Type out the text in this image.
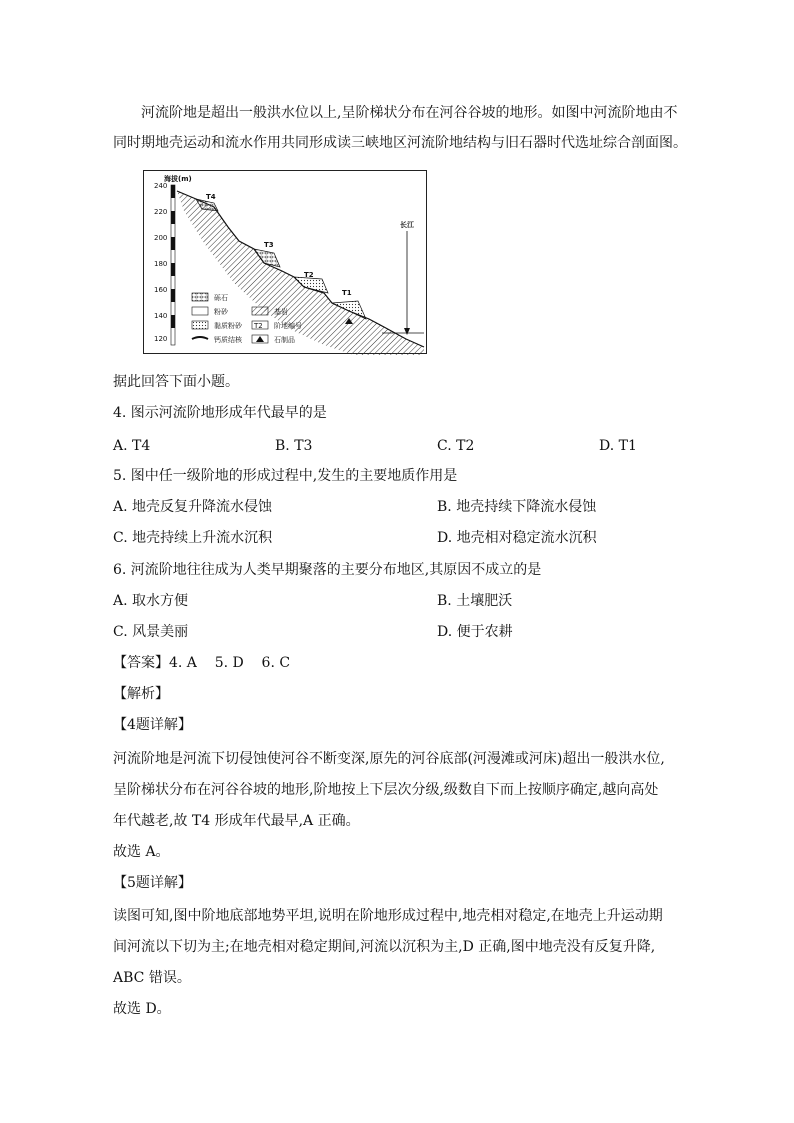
河流阶地是超出一般洪水位以上,呈阶梯状分布在河谷谷坡的地形。如图中河流阶地由不
同时期地壳运动和流水作用共同形成读三峡地区河流阶地结构与旧石器时代选址综合剖面图。
海拔(m)
240
220
200
180
160
140
120
T4
T3
T2
T1
长江
砾石
粉砂	基岩
黏质粉砂 T2 阶地编号
钙质结核	石制品
据此回答下面小题。
4. 图示河流阶地形成年代最早的是
A. T4	B. T3	C. T2	D. T1
5. 图中任一级阶地的形成过程中,发生的主要地质作用是
A. 地壳反复升降流水侵蚀	B. 地壳持续下降流水侵蚀
C. 地壳持续上升流水沉积	D. 地壳相对稳定流水沉积
6. 河流阶地往往成为人类早期聚落的主要分布地区,其原因不成立的是
A. 取水方便	B. 土壤肥沃
C. 风景美丽	D. 便于农耕
【答案】4. A    5. D    6. C
【解析】
【4题详解】
河流阶地是河流下切侵蚀使河谷不断变深,原先的河谷底部(河漫滩或河床)超出一般洪水位,
呈阶梯状分布在河谷谷坡的地形,阶地按上下层次分级,级数自下而上按顺序确定,越向高处
年代越老,故 T4 形成年代最早,A 正确。
故选 A。
【5题详解】
读图可知,图中阶地底部地势平坦,说明在阶地形成过程中,地壳相对稳定,在地壳上升运动期
间河流以下切为主;在地壳相对稳定期间,河流以沉积为主,D 正确,图中地壳没有反复升降,
ABC 错误。
故选 D。
